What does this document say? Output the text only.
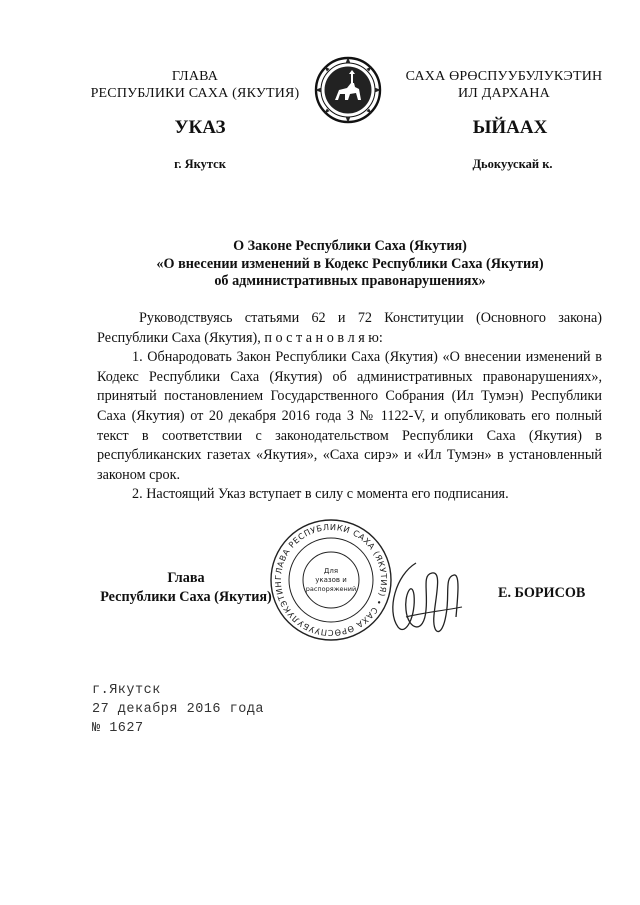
ГЛАВА
РЕСПУБЛИКИ САХА (ЯКУТИЯ)
САХА ӨРӨСПУУБУЛУКЭТИН
ИЛ ДАРХАНА
УКАЗ	ЫЙААХ
г. Якутск	Дьокуускай к.
О Законе Республики Саха (Якутия)
«О внесении изменений в Кодекс Республики Саха (Якутия)
об административных правонарушениях»

Руководствуясь статьями 62 и 72 Конституции (Основного закона)

Республики Саха (Якутия), п о с т а н о в л я ю:

1. Обнародовать Закон Республики Саха (Якутия) «О внесении изменений в Кодекс Республики Саха (Якутия) об административных правонарушениях», принятый постановлением Государственного Собрания (Ил Тумэн) Республики Саха (Якутия) от 20 декабря 2016 года З № 1122-V, и опубликовать его полный текст в соответствии с законодательством Республики Саха (Якутия) в республиканских газетах «Якутия», «Саха сирэ» и «Ил Тумэн» в установленный законом срок.

2. Настоящий Указ вступает в силу с момента его подписания.

ГЛАВА РЕСПУБЛИКИ САХА (ЯКУТИЯ) • САХА ӨРӨСПУУБУЛУКЭТИН
Для
указов и
распоряжений
Глава
Республики Саха (Якутия)	Е. БОРИСОВ
г.Якутск
27 декабря 2016 года
№ 1627
